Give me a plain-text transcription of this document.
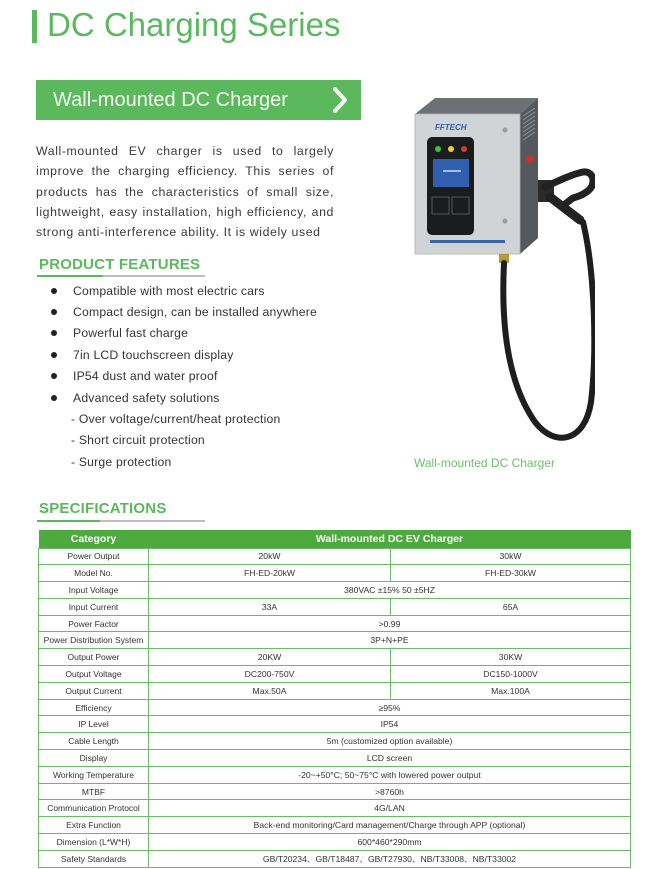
DC Charging Series
Wall-mounted DC Charger

Wall-mounted EV charger is used to largely improve the charging efficiency. This series of products has the characteristics of small size, lightweight, easy installation, high efficiency, and strong anti-interference ability. It is widely used

PRODUCT FEATURES
Compatible with most electric cars
Compact design, can be installed anywhere
Powerful fast charge
7in LCD touchscreen display
IP54 dust and water proof
Advanced safety solutions
- Over voltage/current/heat protection
- Short circuit protection
- Surge protection
FFTECH
Wall-mounted DC Charger
SPECIFICATIONS
Category	Wall-mounted DC EV Charger	
Power Output	20kW	30kW
Model No.	FH-ED-20kW	FH-ED-30kW
Input Voltage	380VAC ±15% 50 ±5HZ	
Input Current	33A	65A
Power Factor	>0.99	
Power Distribution System	3P+N+PE	
Output Power	20KW	30KW
Output Voltage	DC200-750V	DC150-1000V
Output Current	Max.50A	Max.100A
Efficiency	≥95%	
IP Level	IP54	
Cable Length	5m (customized option available)	
Display	LCD screen	
Working Temperature	-20~+50°C; 50~75°C with lowered power output	
MTBF	>8760h	
Communication Protocol	4G/LAN	
Extra Function	Back-end monitoring/Card management/Charge through APP (optional)	
Dimension (L*W*H)	600*460*290mm	
Safety Standards	GB/T20234、GB/T18487、GB/T27930、NB/T33008、NB/T33002	
